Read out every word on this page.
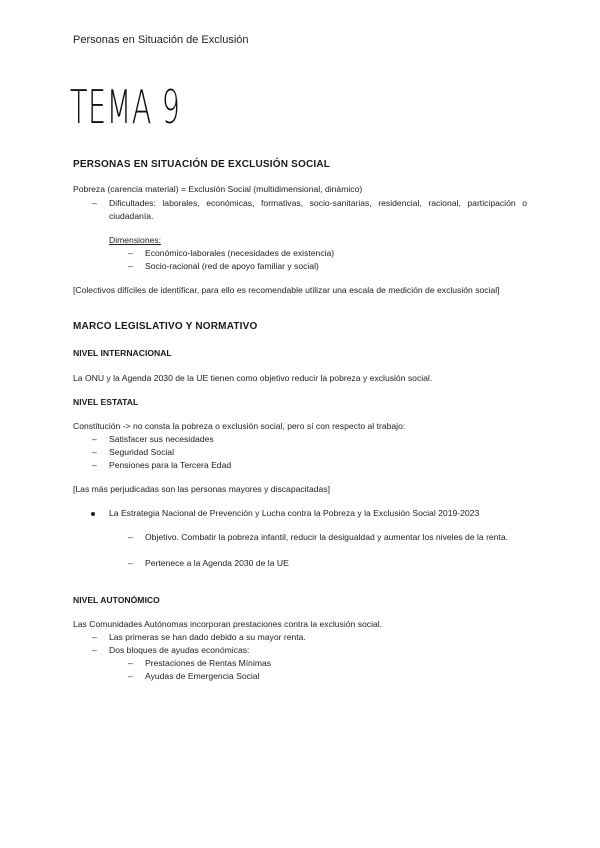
Personas en Situación de Exclusión
TEMA 9
PERSONAS EN SITUACIÓN DE EXCLUSIÓN SOCIAL
Pobreza (carencia material) = Exclusión Social (multidimensional, dinámico)
– Dificultades: laborales, económicas, formativas, socio-sanitarias, residencial, racional, participación o ciudadanía.
Dimensiones:
– Económico-laborales (necesidades de existencia)
– Socio-racional (red de apoyo familiar y social)
[Colectivos difíciles de identificar, para ello es recomendable utilizar una escala de medición de exclusión social]
MARCO LEGISLATIVO Y NORMATIVO
NIVEL INTERNACIONAL
La ONU y la Agenda 2030 de la UE tienen como objetivo reducir la pobreza y exclusión social.
NIVEL ESTATAL
Constitución -> no consta la pobreza o exclusión social, pero sí con respecto al trabajo:
– Satisfacer sus necesidades
– Seguridad Social
– Pensiones para la Tercera Edad
[Las más perjudicadas son las personas mayores y discapacitadas]
La Estrategia Nacional de Prevención y Lucha contra la Pobreza y la Exclusión Social 2019-2023
– Objetivo. Combatir la pobreza infantil, reducir la desigualdad y aumentar los niveles de la renta.
– Pertenece a la Agenda 2030 de la UE
NIVEL AUTONÓMICO
Las Comunidades Autónomas incorporan prestaciones contra la exclusión social.
– Las primeras se han dado debido a su mayor renta.
– Dos bloques de ayudas económicas:
– Prestaciones de Rentas Mínimas
– Ayudas de Emergencia Social
